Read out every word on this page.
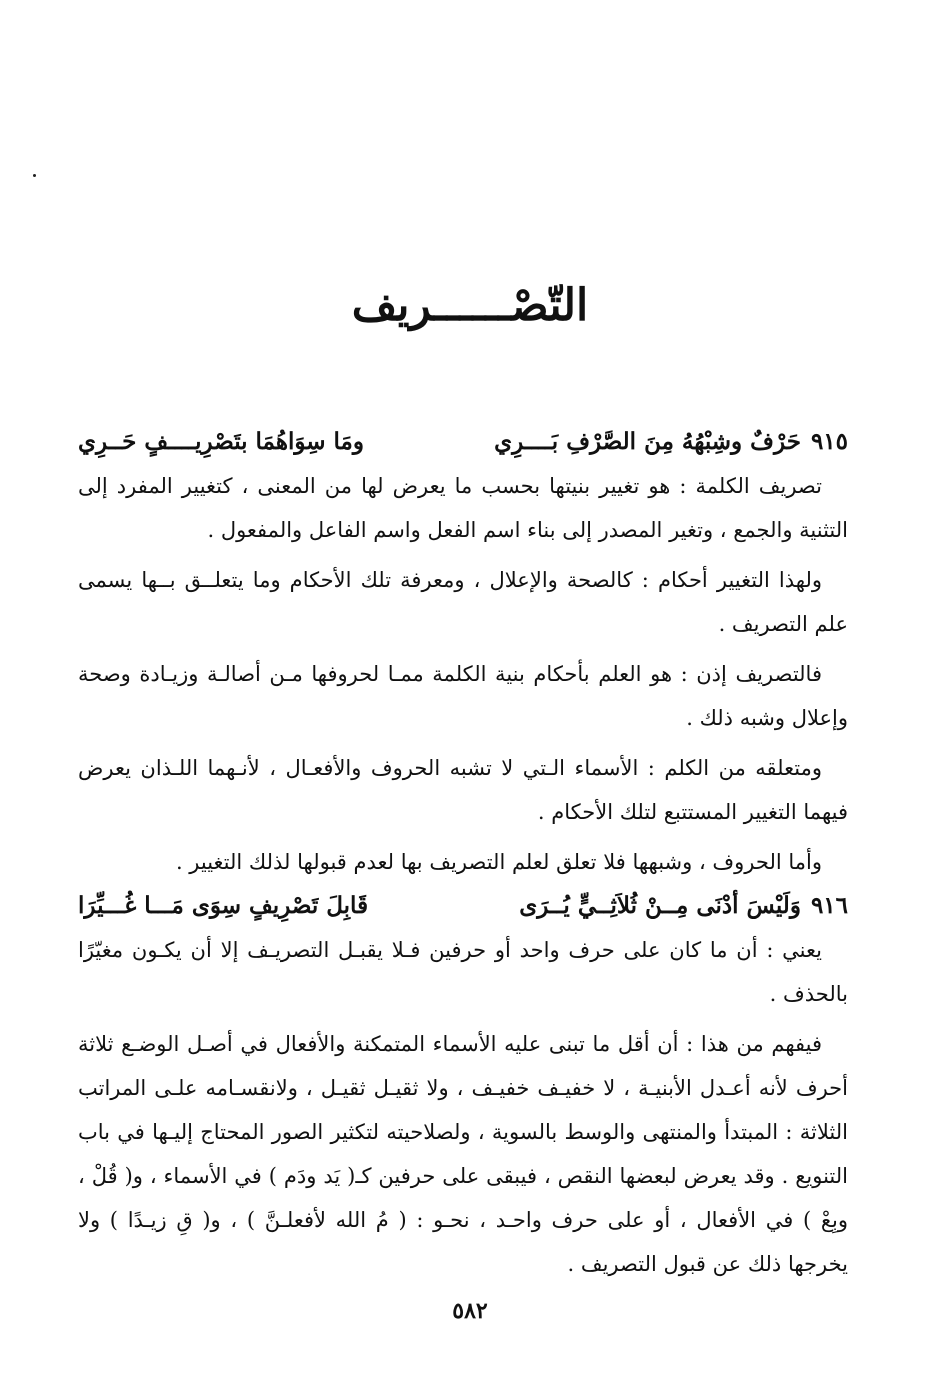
التّصْــــــريف
٩١٥
حَرْفٌ وشِبْهُهُ مِنَ الصَّرْفِ بَــــرِي
ومَا سِوَاهُمَا بتَصْرِيــــفٍ حَــرِي

تصريف الكلمة : هو تغيير بنيتها بحسب ما يعرض لها من المعنى ، كتغيير المفرد إلى التثنية والجمع ، وتغير المصدر إلى بناء اسم الفعل واسم الفاعل والمفعول .

ولهذا التغيير أحكام : كالصحة والإعلال ، ومعرفة تلك الأحكام وما يتعلــق بــها يسمى علم التصريف .

فالتصريف إذن : هو العلم بأحكام بنية الكلمة ممـا لحروفها مـن أصالـة وزيـادة وصحة وإعلال وشبه ذلك .

ومتعلقه من الكلم : الأسماء الـتي لا تشبه الحروف والأفعـال ، لأنـهما اللـذان يعرض فيهما التغيير المستتبع لتلك الأحكام .

وأما الحروف ، وشبهها فلا تعلق لعلم التصريف بها لعدم قبولها لذلك التغيير .

٩١٦
وَلَيْسَ أدْنَى مِــنْ ثُلاَثِــيٍّ يُــرَى
قَابِلَ تَصْرِيفٍ سِوَى مَـــا غُـــيِّرَا

يعني : أن ما كان على حرف واحد أو حرفين فـلا يقبـل التصريـف إلا أن يكـون مغيّرًا بالحذف .

فيفهم من هذا : أن أقل ما تبنى عليه الأسماء المتمكنة والأفعال في أصـل الوضـع ثلاثة أحرف لأنه أعـدل الأبنيـة ، لا خفيـف خفيـف ، ولا ثقيـل ثقيـل ، ولانقسـامه علـى المراتب الثلاثة : المبتدأ والمنتهى والوسط بالسوية ، ولصلاحيته لتكثير الصور المحتاج إليـها في باب التنويع . وقد يعرض لبعضها النقص ، فيبقى على حرفين كـ( يَد ودَم ) في الأسماء ، و( قُلْ ، وبِعْ ) في الأفعال ، أو على حرف واحـد ، نحـو : ( مُ الله لأفعلـنَّ ) ، و( قِ زيـدًا ) ولا يخرجها ذلك عن قبول التصريف .

٥٨٢
